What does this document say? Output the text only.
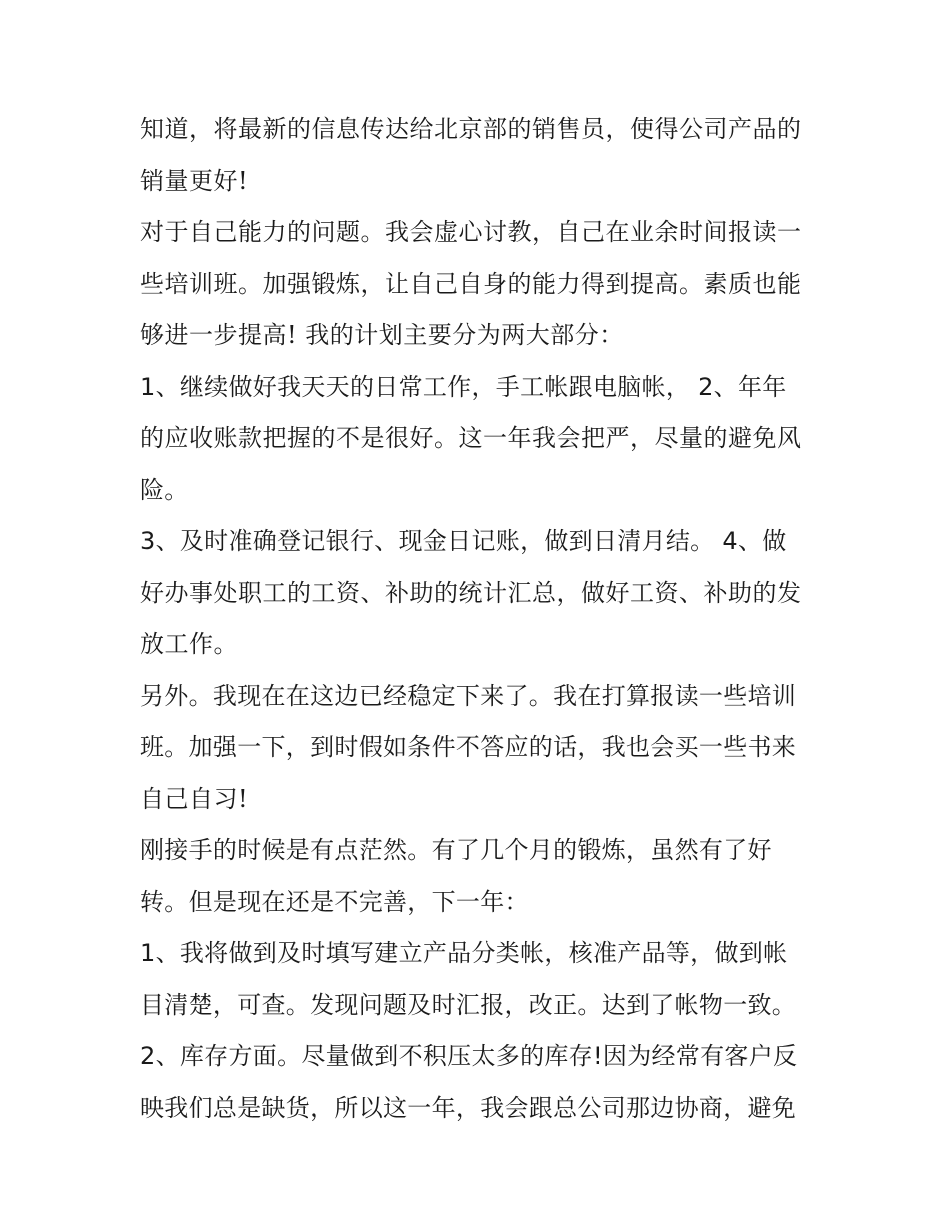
知道，将最新的信息传达给北京部的销售员，使得公司产品的
销量更好!
对于自己能力的问题。我会虚心讨教，自己在业余时间报读一
些培训班。加强锻炼，让自己自身的能力得到提高。素质也能
够进一步提高! 我的计划主要分为两大部分：
1、继续做好我天天的日常工作，手工帐跟电脑帐， 2、年年
的应收账款把握的不是很好。这一年我会把严，尽量的避免风
险。
3、及时准确登记银行、现金日记账，做到日清月结。 4、做
好办事处职工的工资、补助的统计汇总，做好工资、补助的发
放工作。
另外。我现在在这边已经稳定下来了。我在打算报读一些培训
班。加强一下，到时假如条件不答应的话，我也会买一些书来
自己自习!
刚接手的时候是有点茫然。有了几个月的锻炼，虽然有了好
转。但是现在还是不完善，下一年：
1、我将做到及时填写建立产品分类帐，核准产品等，做到帐
目清楚，可查。发现问题及时汇报，改正。达到了帐物一致。
2、库存方面。尽量做到不积压太多的库存!因为经常有客户反
映我们总是缺货，所以这一年，我会跟总公司那边协商，避免
